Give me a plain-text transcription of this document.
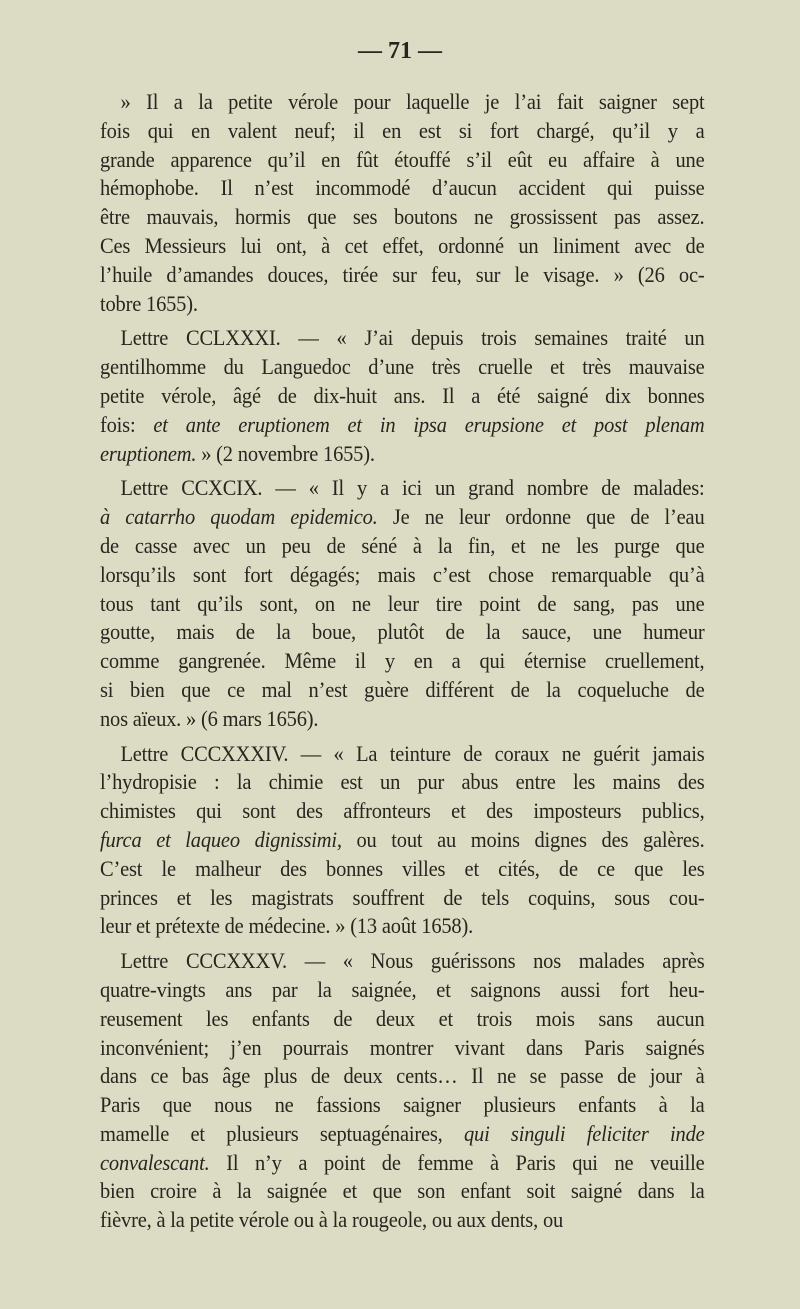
— 71 —
» Il a la petite vérole pour laquelle je l’ai fait saigner sept
fois qui en valent neuf; il en est si fort chargé, qu’il y a
grande apparence qu’il en fût étouffé s’il eût eu affaire à une
hémophobe. Il n’est incommodé d’aucun accident qui puisse
être mauvais, hormis que ses boutons ne grossissent pas assez.
Ces Messieurs lui ont, à cet effet, ordonné un liniment avec de
l’huile d’amandes douces, tirée sur feu, sur le visage. » (26 oc-
tobre 1655).
Lettre CCLXXXI. — « J’ai depuis trois semaines traité un
gentilhomme du Languedoc d’une très cruelle et très mauvaise
petite vérole, âgé de dix-huit ans. Il a été saigné dix bonnes
fois: et ante eruptionem et in ipsa erupsione et post plenam
eruptionem. » (2 novembre 1655).
Lettre CCXCIX. — « Il y a ici un grand nombre de malades:
à catarrho quodam epidemico. Je ne leur ordonne que de l’eau
de casse avec un peu de séné à la fin, et ne les purge que
lorsqu’ils sont fort dégagés; mais c’est chose remarquable qu’à
tous tant qu’ils sont, on ne leur tire point de sang, pas une
goutte, mais de la boue, plutôt de la sauce, une humeur
comme gangrenée. Même il y en a qui éternise cruellement,
si bien que ce mal n’est guère différent de la coqueluche de
nos aïeux. » (6 mars 1656).
Lettre CCCXXXIV. — « La teinture de coraux ne guérit jamais
l’hydropisie : la chimie est un pur abus entre les mains des
chimistes qui sont des affronteurs et des imposteurs publics,
furca et laqueo dignissimi, ou tout au moins dignes des galères.
C’est le malheur des bonnes villes et cités, de ce que les
princes et les magistrats souffrent de tels coquins, sous cou-
leur et prétexte de médecine. » (13 août 1658).
Lettre CCCXXXV. — « Nous guérissons nos malades après
quatre-vingts ans par la saignée, et saignons aussi fort heu-
reusement les enfants de deux et trois mois sans aucun
inconvénient; j’en pourrais montrer vivant dans Paris saignés
dans ce bas âge plus de deux cents… Il ne se passe de jour à
Paris que nous ne fassions saigner plusieurs enfants à la
mamelle et plusieurs septuagénaires, qui singuli feliciter inde
convalescant. Il n’y a point de femme à Paris qui ne veuille
bien croire à la saignée et que son enfant soit saigné dans la
fièvre, à la petite vérole ou à la rougeole, ou aux dents, ou
